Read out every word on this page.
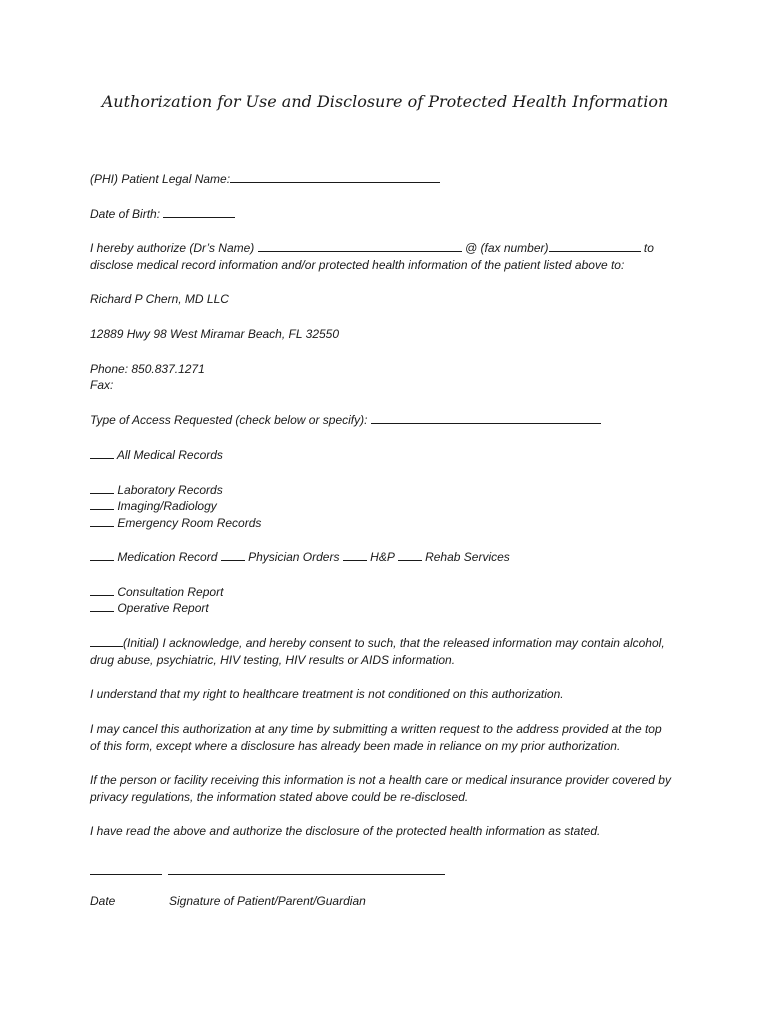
Authorization for Use and Disclosure of Protected Health Information
(PHI) Patient Legal Name:
Date of Birth:
I hereby authorize (Dr’s Name)	@ (fax number)	to
disclose medical record information and/or protected health information of the patient listed above to:
Richard P Chern, MD LLC
12889 Hwy 98 West Miramar Beach, FL 32550
Phone: 850.837.1271
Fax:
Type of Access Requested (check below or specify):
All Medical Records
Laboratory Records
Imaging/Radiology
Emergency Room Records
Medication Record	Physician Orders	H&P	Rehab Services
Consultation Report
Operative Report
(Initial) I acknowledge, and hereby consent to such, that the released information may contain alcohol,
drug abuse, psychiatric, HIV testing, HIV results or AIDS information.
I understand that my right to healthcare treatment is not conditioned on this authorization.
I may cancel this authorization at any time by submitting a written request to the address provided at the top
of this form, except where a disclosure has already been made in reliance on my prior authorization.
If the person or facility receiving this information is not a health care or medical insurance provider covered by
privacy regulations, the information stated above could be re-disclosed.
I have read the above and authorize the disclosure of the protected health information as stated.
Date	Signature of Patient/Parent/Guardian
